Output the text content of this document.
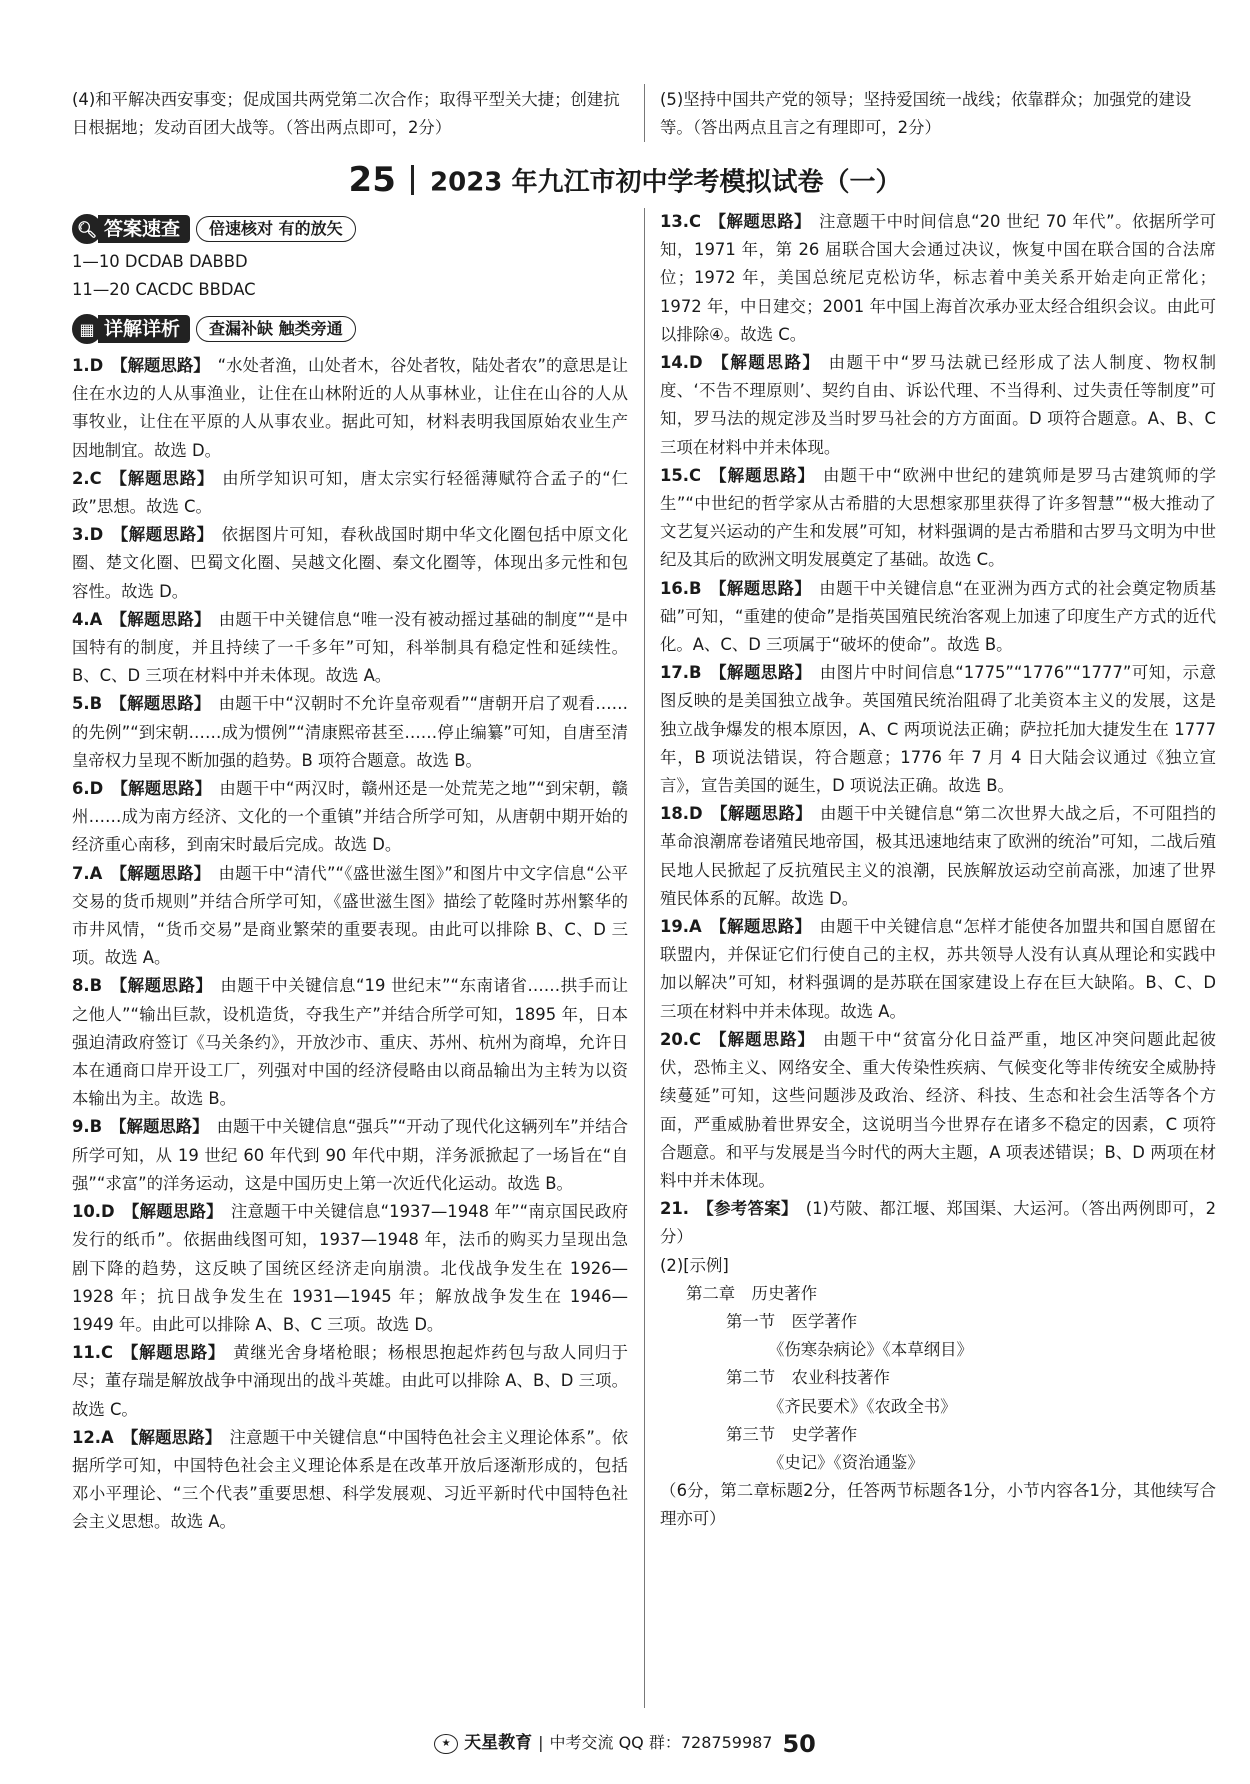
(4)和平解决西安事变；促成国共两党第二次合作；取得平型关大捷；创建抗日根据地；发动百团大战等。（答出两点即可，2分）
(5)坚持中国共产党的领导；坚持爱国统一战线；依靠群众；加强党的建设等。（答出两点且言之有理即可，2分）
25 2023 年九江市初中学考模拟试卷（一）
🔍︎ 答案速查	倍速核对 有的放矢
1—10 DCDAB DABBD
11—20 CACDC BBDAC
▦ 详解详析	查漏补缺 触类旁通
1.D 【解题思路】 “水处者渔，山处者木，谷处者牧，陆处者农”的意思是让住在水边的人从事渔业，让住在山林附近的人从事林业，让住在山谷的人从事牧业，让住在平原的人从事农业。据此可知，材料表明我国原始农业生产因地制宜。故选 D。
2.C 【解题思路】 由所学知识可知，唐太宗实行轻徭薄赋符合孟子的“仁政”思想。故选 C。
3.D 【解题思路】 依据图片可知，春秋战国时期中华文化圈包括中原文化圈、楚文化圈、巴蜀文化圈、吴越文化圈、秦文化圈等，体现出多元性和包容性。故选 D。
4.A 【解题思路】 由题干中关键信息“唯一没有被动摇过基础的制度”“是中国特有的制度，并且持续了一千多年”可知，科举制具有稳定性和延续性。B、C、D 三项在材料中并未体现。故选 A。
5.B 【解题思路】 由题干中“汉朝时不允许皇帝观看”“唐朝开启了观看……的先例”“到宋朝……成为惯例”“清康熙帝甚至……停止编纂”可知，自唐至清皇帝权力呈现不断加强的趋势。B 项符合题意。故选 B。
6.D 【解题思路】 由题干中“两汉时，赣州还是一处荒芜之地”“到宋朝，赣州……成为南方经济、文化的一个重镇”并结合所学可知，从唐朝中期开始的经济重心南移，到南宋时最后完成。故选 D。
7.A 【解题思路】 由题干中“清代”“《盛世滋生图》”和图片中文字信息“公平交易的货币规则”并结合所学可知，《盛世滋生图》描绘了乾隆时苏州繁华的市井风情，“货币交易”是商业繁荣的重要表现。由此可以排除 B、C、D 三项。故选 A。
8.B 【解题思路】 由题干中关键信息“19 世纪末”“东南诸省……拱手而让之他人”“输出巨款，设机造货，夺我生产”并结合所学可知，1895 年，日本强迫清政府签订《马关条约》，开放沙市、重庆、苏州、杭州为商埠，允许日本在通商口岸开设工厂，列强对中国的经济侵略由以商品输出为主转为以资本输出为主。故选 B。
9.B 【解题思路】 由题干中关键信息“强兵”“开动了现代化这辆列车”并结合所学可知，从 19 世纪 60 年代到 90 年代中期，洋务派掀起了一场旨在“自强”“求富”的洋务运动，这是中国历史上第一次近代化运动。故选 B。
10.D 【解题思路】 注意题干中关键信息“1937—1948 年”“南京国民政府发行的纸币”。依据曲线图可知，1937—1948 年，法币的购买力呈现出急剧下降的趋势，这反映了国统区经济走向崩溃。北伐战争发生在 1926—1928 年；抗日战争发生在 1931—1945 年；解放战争发生在 1946—1949 年。由此可以排除 A、B、C 三项。故选 D。
11.C 【解题思路】 黄继光舍身堵枪眼；杨根思抱起炸药包与敌人同归于尽；董存瑞是解放战争中涌现出的战斗英雄。由此可以排除 A、B、D 三项。故选 C。
12.A 【解题思路】 注意题干中关键信息“中国特色社会主义理论体系”。依据所学可知，中国特色社会主义理论体系是在改革开放后逐渐形成的，包括邓小平理论、“三个代表”重要思想、科学发展观、习近平新时代中国特色社会主义思想。故选 A。
13.C 【解题思路】 注意题干中时间信息“20 世纪 70 年代”。依据所学可知，1971 年，第 26 届联合国大会通过决议，恢复中国在联合国的合法席位；1972 年，美国总统尼克松访华，标志着中美关系开始走向正常化；1972 年，中日建交；2001 年中国上海首次承办亚太经合组织会议。由此可以排除④。故选 C。
14.D 【解题思路】 由题干中“罗马法就已经形成了法人制度、物权制度、‘不告不理原则’、契约自由、诉讼代理、不当得利、过失责任等制度”可知，罗马法的规定涉及当时罗马社会的方方面面。D 项符合题意。A、B、C 三项在材料中并未体现。
15.C 【解题思路】 由题干中“欧洲中世纪的建筑师是罗马古建筑师的学生”“中世纪的哲学家从古希腊的大思想家那里获得了许多智慧”“极大推动了文艺复兴运动的产生和发展”可知，材料强调的是古希腊和古罗马文明为中世纪及其后的欧洲文明发展奠定了基础。故选 C。
16.B 【解题思路】 由题干中关键信息“在亚洲为西方式的社会奠定物质基础”可知，“重建的使命”是指英国殖民统治客观上加速了印度生产方式的近代化。A、C、D 三项属于“破坏的使命”。故选 B。
17.B 【解题思路】 由图片中时间信息“1775”“1776”“1777”可知，示意图反映的是美国独立战争。英国殖民统治阻碍了北美资本主义的发展，这是独立战争爆发的根本原因，A、C 两项说法正确；萨拉托加大捷发生在 1777 年，B 项说法错误，符合题意；1776 年 7 月 4 日大陆会议通过《独立宣言》，宣告美国的诞生，D 项说法正确。故选 B。
18.D 【解题思路】 由题干中关键信息“第二次世界大战之后，不可阻挡的革命浪潮席卷诸殖民地帝国，极其迅速地结束了欧洲的统治”可知，二战后殖民地人民掀起了反抗殖民主义的浪潮，民族解放运动空前高涨，加速了世界殖民体系的瓦解。故选 D。
19.A 【解题思路】 由题干中关键信息“怎样才能使各加盟共和国自愿留在联盟内，并保证它们行使自己的主权，苏共领导人没有认真从理论和实践中加以解决”可知，材料强调的是苏联在国家建设上存在巨大缺陷。B、C、D 三项在材料中并未体现。故选 A。
20.C 【解题思路】 由题干中“贫富分化日益严重，地区冲突问题此起彼伏，恐怖主义、网络安全、重大传染性疾病、气候变化等非传统安全威胁持续蔓延”可知，这些问题涉及政治、经济、科技、生态和社会生活等各个方面，严重威胁着世界安全，这说明当今世界存在诸多不稳定的因素，C 项符合题意。和平与发展是当今时代的两大主题，A 项表述错误；B、D 两项在材料中并未体现。
21. 【参考答案】 (1)芍陂、都江堰、郑国渠、大运河。（答出两例即可，2分）
(2)[示例]
第二章　历史著作
第一节　医学著作
《伤寒杂病论》《本草纲目》
第二节　农业科技著作
《齐民要术》《农政全书》
第三节　史学著作
《史记》《资治通鉴》
（6分，第二章标题2分，任答两节标题各1分，小节内容各1分，其他续写合理亦可）
★ 天星教育 | 中考交流 QQ 群：728759987 50
